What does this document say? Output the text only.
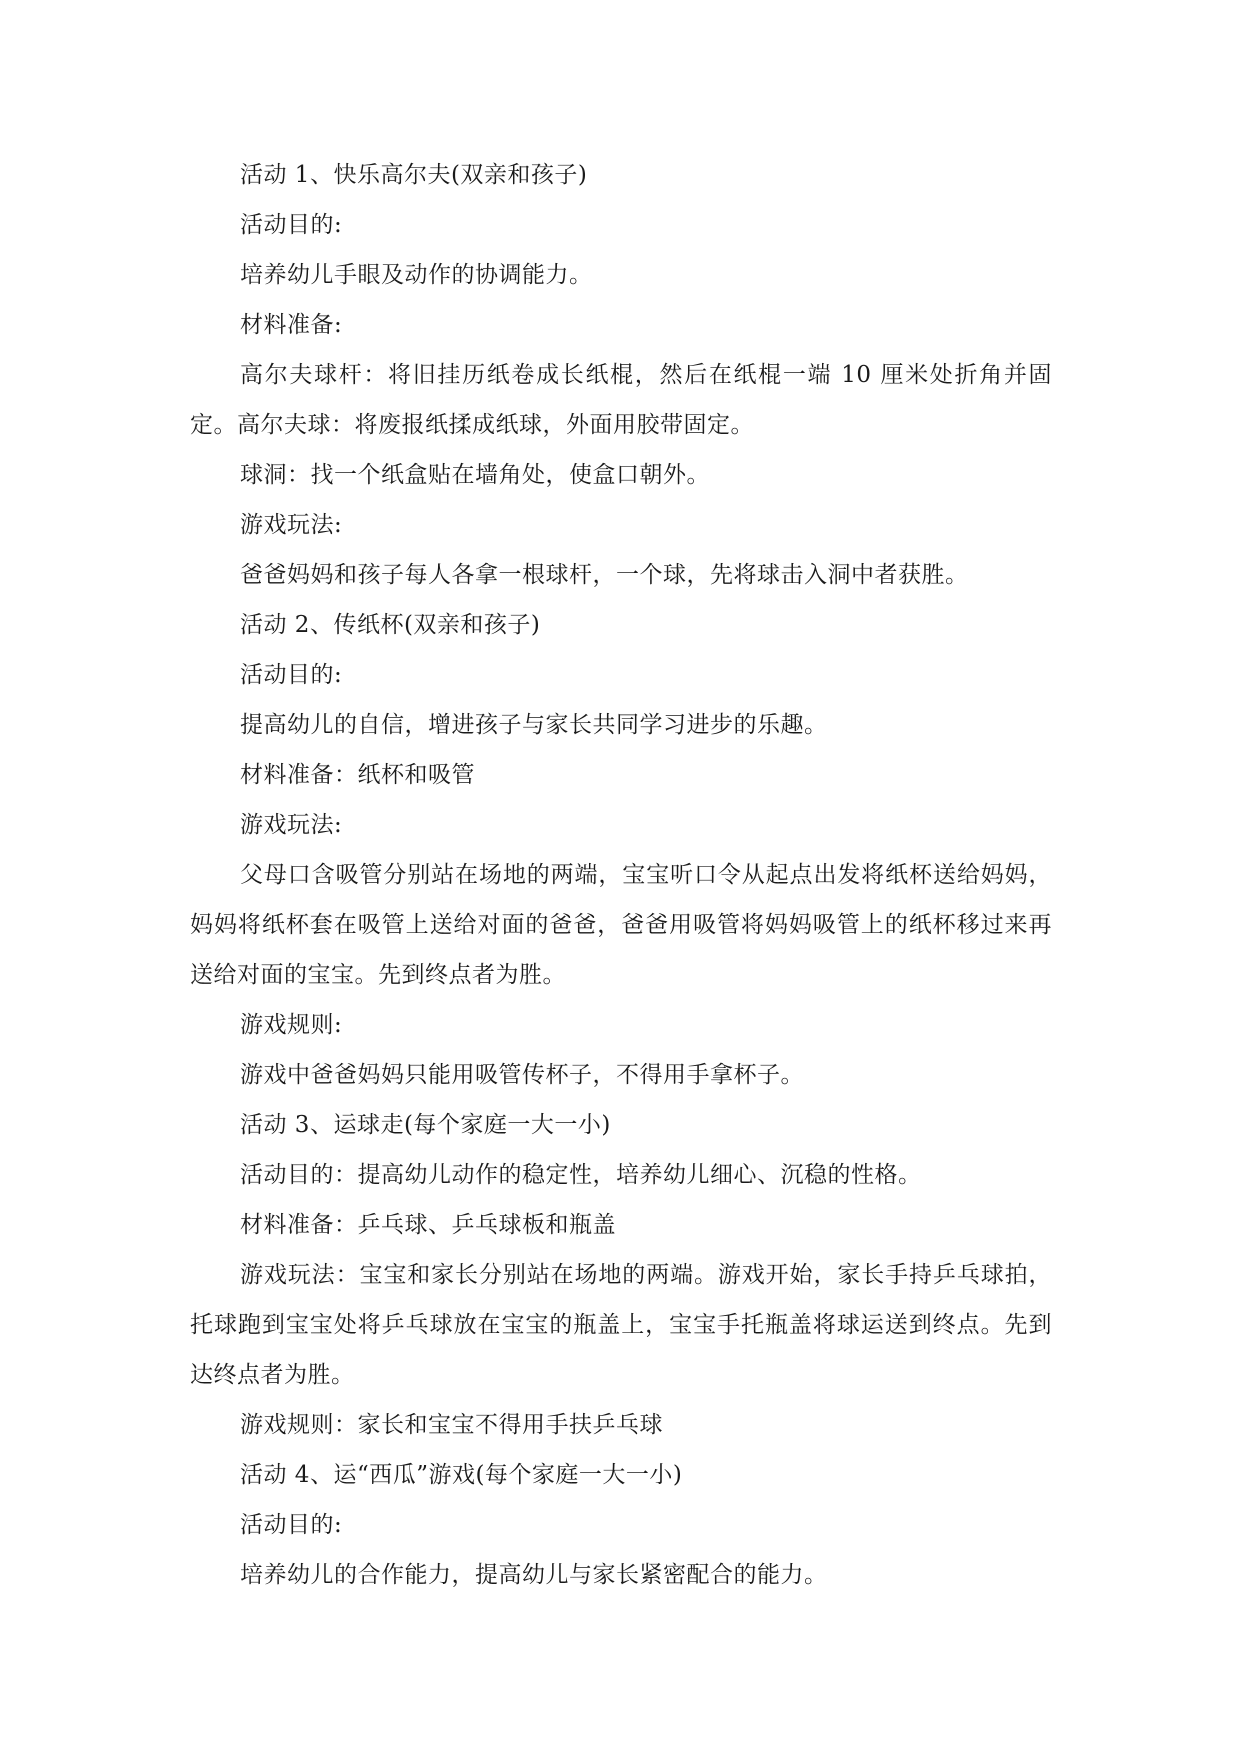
活动 1、快乐高尔夫(双亲和孩子)

活动目的:

培养幼儿手眼及动作的协调能力。

材料准备:

高尔夫球杆：将旧挂历纸卷成长纸棍，然后在纸棍一端 10 厘米处折角并固定。高尔夫球：将废报纸揉成纸球，外面用胶带固定。

球洞：找一个纸盒贴在墙角处，使盒口朝外。

游戏玩法:

爸爸妈妈和孩子每人各拿一根球杆，一个球，先将球击入洞中者获胜。

活动 2、传纸杯(双亲和孩子)

活动目的:

提高幼儿的自信，增进孩子与家长共同学习进步的乐趣。

材料准备：纸杯和吸管

游戏玩法:

父母口含吸管分别站在场地的两端，宝宝听口令从起点出发将纸杯送给妈妈，妈妈将纸杯套在吸管上送给对面的爸爸，爸爸用吸管将妈妈吸管上的纸杯移过来再送给对面的宝宝。先到终点者为胜。

游戏规则:

游戏中爸爸妈妈只能用吸管传杯子，不得用手拿杯子。

活动 3、运球走(每个家庭一大一小)

活动目的：提高幼儿动作的稳定性，培养幼儿细心、沉稳的性格。

材料准备：乒乓球、乒乓球板和瓶盖

游戏玩法：宝宝和家长分别站在场地的两端。游戏开始，家长手持乒乓球拍，托球跑到宝宝处将乒乓球放在宝宝的瓶盖上，宝宝手托瓶盖将球运送到终点。先到达终点者为胜。

游戏规则：家长和宝宝不得用手扶乒乓球

活动 4、运“西瓜”游戏(每个家庭一大一小)

活动目的:

培养幼儿的合作能力，提高幼儿与家长紧密配合的能力。
